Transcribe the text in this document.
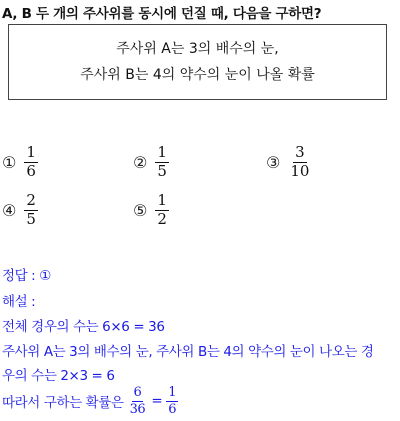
A, B 두 개의 주사위를 동시에 던질 때, 다음을 구하면?
주사위 A는 3의 배수의 눈,
주사위 B는 4의 약수의 눈이 나올 확률
① $\frac{1}{6}$	② $\frac{1}{5}$	③ $\frac{3}{10}$
④ $\frac{2}{5}$	⑤ $\frac{1}{2}$
정답 : ①
해설 :
전체 경우의 수는 6×6 = 36
주사위 A는 3의 배수의 눈, 주사위 B는 4의 약수의 눈이 나오는 경
우의 수는 2×3 = 6
따라서 구하는 확률은 $\frac{6}{36} = \frac{1}{6}$
